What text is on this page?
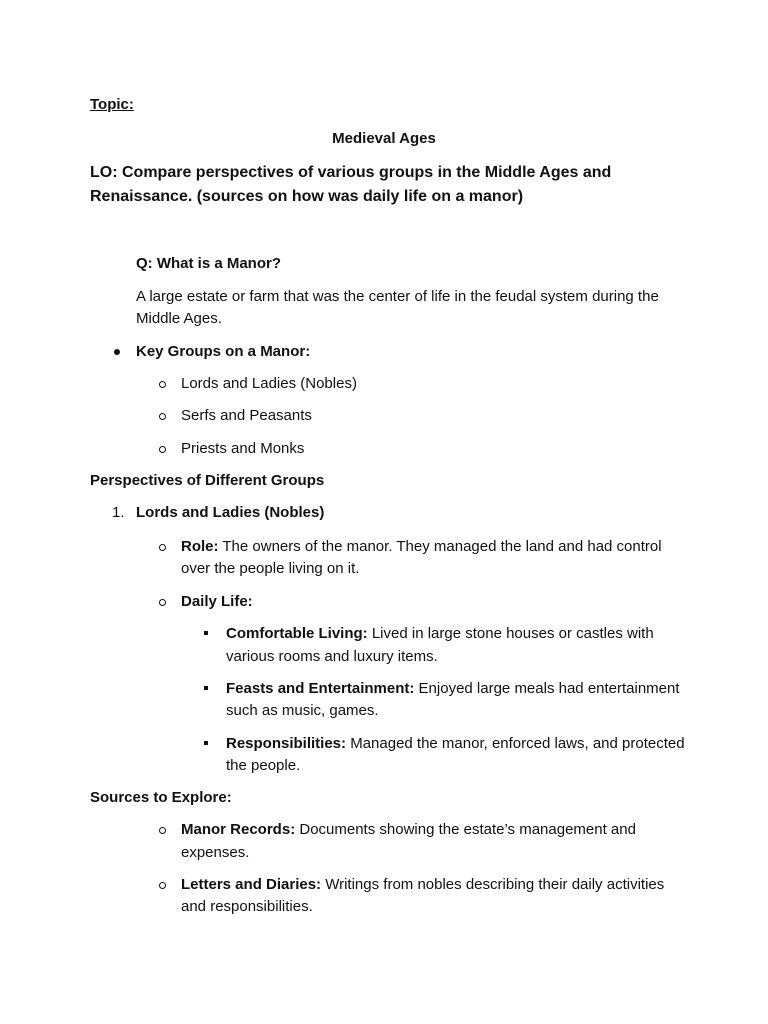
Topic:

Medieval Ages

LO: Compare perspectives of various groups in the Middle Ages and

Renaissance. (sources on how was daily life on a manor)

Q: What is a Manor?

A large estate or farm that was the center of life in the feudal system during the

Middle Ages.

Key Groups on a Manor:

Lords and Ladies (Nobles)

Serfs and Peasants

Priests and Monks

Perspectives of Different Groups

1. Lords and Ladies (Nobles)

Role: The owners of the manor. They managed the land and had control

over the people living on it.

Daily Life:

Comfortable Living: Lived in large stone houses or castles with

various rooms and luxury items.

Feasts and Entertainment: Enjoyed large meals had entertainment

such as music, games.

Responsibilities: Managed the manor, enforced laws, and protected

the people.

Sources to Explore:

Manor Records: Documents showing the estate’s management and

expenses.

Letters and Diaries: Writings from nobles describing their daily activities

and responsibilities.
